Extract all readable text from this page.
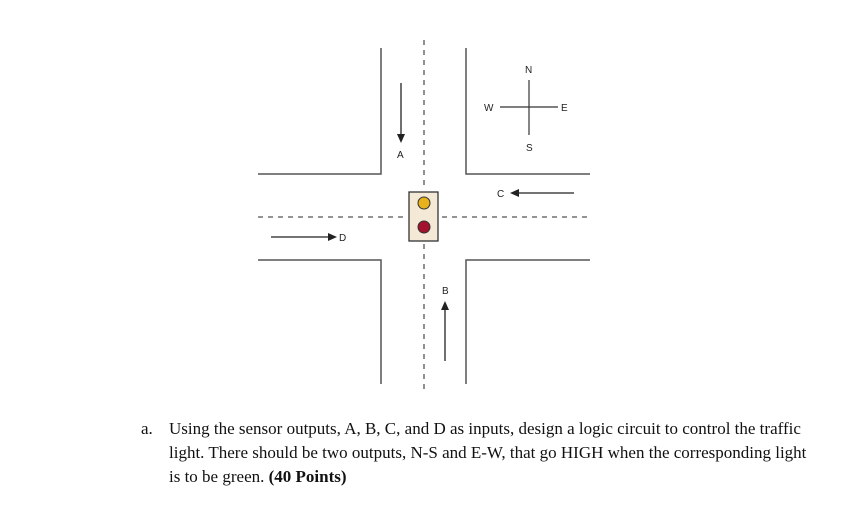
A
B
C
D
N
S
E
W
a. Using the sensor outputs, A, B, C, and D as inputs, design a logic circuit to control the traffic light. There should be two outputs, N-S and E-W, that go HIGH when the corresponding light is to be green. (40 Points)
